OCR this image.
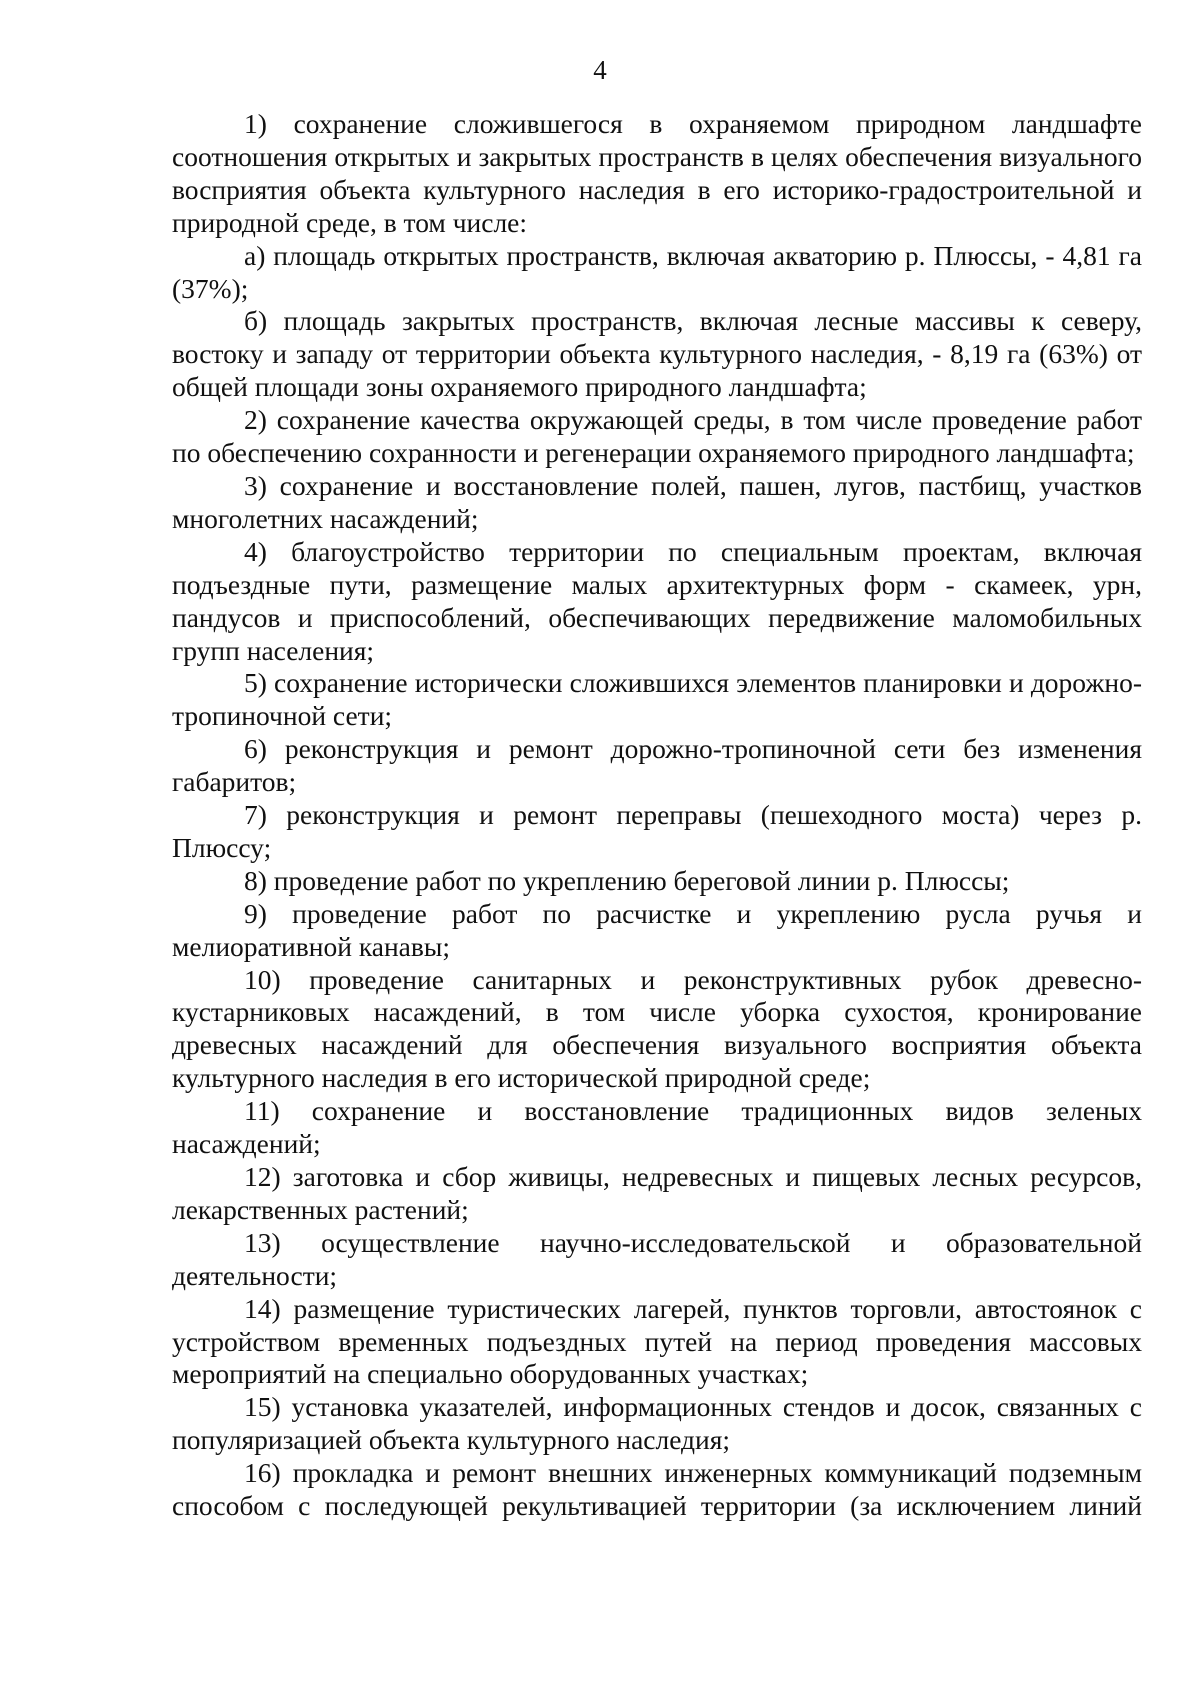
4

1) сохранение сложившегося в охраняемом природном ландшафте соотношения открытых и закрытых пространств в целях обеспечения визуального восприятия объекта культурного наследия в его историко-градостроительной и природной среде, в том числе:

а) площадь открытых пространств, включая акваторию р. Плюссы, - 4,81 га (37%);

б) площадь закрытых пространств, включая лесные массивы к северу, востоку и западу от территории объекта культурного наследия, - 8,19 га (63%) от общей площади зоны охраняемого природного ландшафта;

2) сохранение качества окружающей среды, в том числе проведение работ по обеспечению сохранности и регенерации охраняемого природного ландшафта;

3) сохранение и восстановление полей, пашен, лугов, пастбищ, участков многолетних насаждений;

4) благоустройство территории по специальным проектам, включая подъездные пути, размещение малых архитектурных форм - скамеек, урн, пандусов и приспособлений, обеспечивающих передвижение маломобильных групп населения;

5) сохранение исторически сложившихся элементов планировки и дорожно-тропиночной сети;

6) реконструкция и ремонт дорожно-тропиночной сети без изменения габаритов;

7) реконструкция и ремонт переправы (пешеходного моста) через р. Плюссу;

8) проведение работ по укреплению береговой линии р. Плюссы;

9) проведение работ по расчистке и укреплению русла ручья и мелиоративной канавы;

10) проведение санитарных и реконструктивных рубок древесно-кустарниковых насаждений, в том числе уборка сухостоя, кронирование древесных насаждений для обеспечения визуального восприятия объекта культурного наследия в его исторической природной среде;

11) сохранение и восстановление традиционных видов зеленых насаждений;

12) заготовка и сбор живицы, недревесных и пищевых лесных ресурсов, лекарственных растений;

13) осуществление научно-исследовательской и образовательной деятельности;

14) размещение туристических лагерей, пунктов торговли, автостоянок с устройством временных подъездных путей на период проведения массовых мероприятий на специально оборудованных участках;

15) установка указателей, информационных стендов и досок, связанных с популяризацией объекта культурного наследия;

16) прокладка и ремонт внешних инженерных коммуникаций подземным способом с последующей рекультивацией территории (за исключением линий
